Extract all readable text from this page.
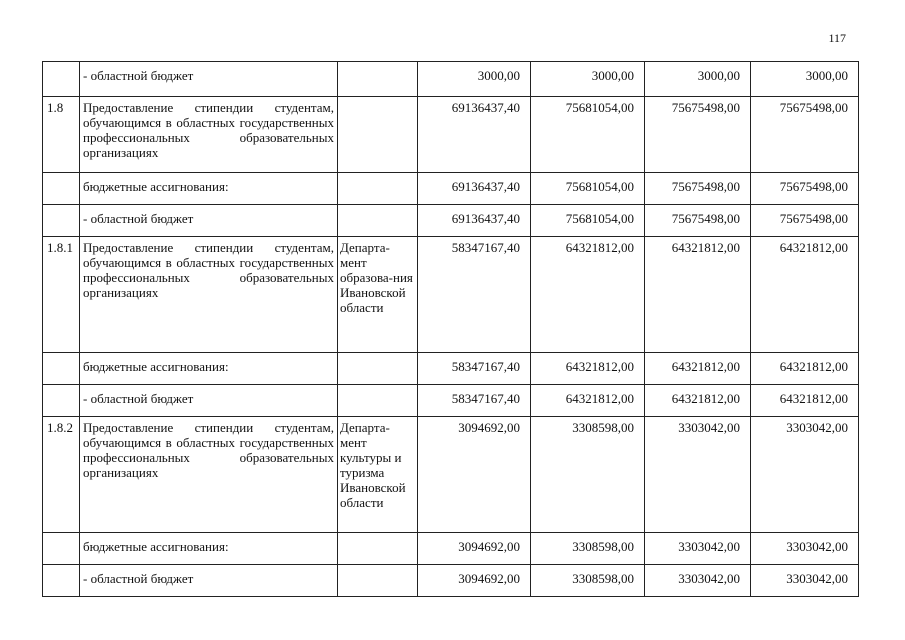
117
	- областной бюджет		3000,00	3000,00	3000,00	3000,00
1.8	Предоставление стипендии студентам, обучающимся в областных государственных профессиональных образовательных организациях		69136437,40	75681054,00	75675498,00	75675498,00
	бюджетные ассигнования:		69136437,40	75681054,00	75675498,00	75675498,00
	- областной бюджет		69136437,40	75681054,00	75675498,00	75675498,00
1.8.1	Предоставление стипендии студентам, обучающимся в областных государственных профессиональных образовательных организациях	Департа-мент образова-ния Ивановской области	58347167,40	64321812,00	64321812,00	64321812,00
	бюджетные ассигнования:		58347167,40	64321812,00	64321812,00	64321812,00
	- областной бюджет		58347167,40	64321812,00	64321812,00	64321812,00
1.8.2	Предоставление стипендии студентам, обучающимся в областных государственных профессиональных образовательных организациях	Департа-мент культуры и туризма Ивановской области	3094692,00	3308598,00	3303042,00	3303042,00
	бюджетные ассигнования:		3094692,00	3308598,00	3303042,00	3303042,00
	- областной бюджет		3094692,00	3308598,00	3303042,00	3303042,00
